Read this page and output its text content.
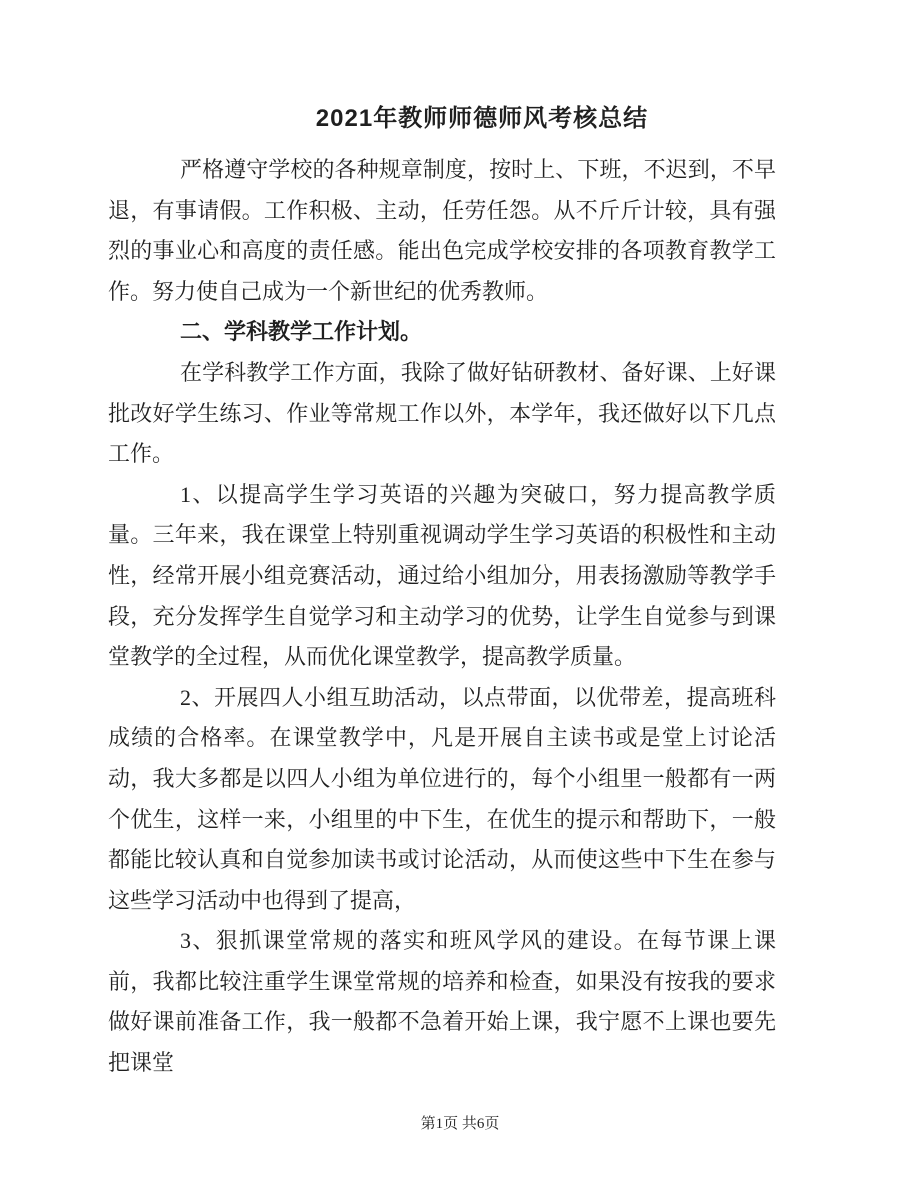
2021年教师师德师风考核总结

严格遵守学校的各种规章制度，按时上、下班，不迟到，不早退，有事请假。工作积极、主动，任劳任怨。从不斤斤计较，具有强烈的事业心和高度的责任感。能出色完成学校安排的各项教育教学工作。努力使自己成为一个新世纪的优秀教师。

二、学科教学工作计划。

在学科教学工作方面，我除了做好钻研教材、备好课、上好课批改好学生练习、作业等常规工作以外，本学年，我还做好以下几点工作。

1、以提高学生学习英语的兴趣为突破口，努力提高教学质量。三年来，我在课堂上特别重视调动学生学习英语的积极性和主动性，经常开展小组竞赛活动，通过给小组加分，用表扬激励等教学手段，充分发挥学生自觉学习和主动学习的优势，让学生自觉参与到课堂教学的全过程，从而优化课堂教学，提高教学质量。

2、开展四人小组互助活动，以点带面，以优带差，提高班科成绩的合格率。在课堂教学中，凡是开展自主读书或是堂上讨论活动，我大多都是以四人小组为单位进行的，每个小组里一般都有一两个优生，这样一来，小组里的中下生，在优生的提示和帮助下，一般都能比较认真和自觉参加读书或讨论活动，从而使这些中下生在参与这些学习活动中也得到了提高，

3、狠抓课堂常规的落实和班风学风的建设。在每节课上课前，我都比较注重学生课堂常规的培养和检查，如果没有按我的要求做好课前准备工作，我一般都不急着开始上课，我宁愿不上课也要先把课堂

第1页 共6页
